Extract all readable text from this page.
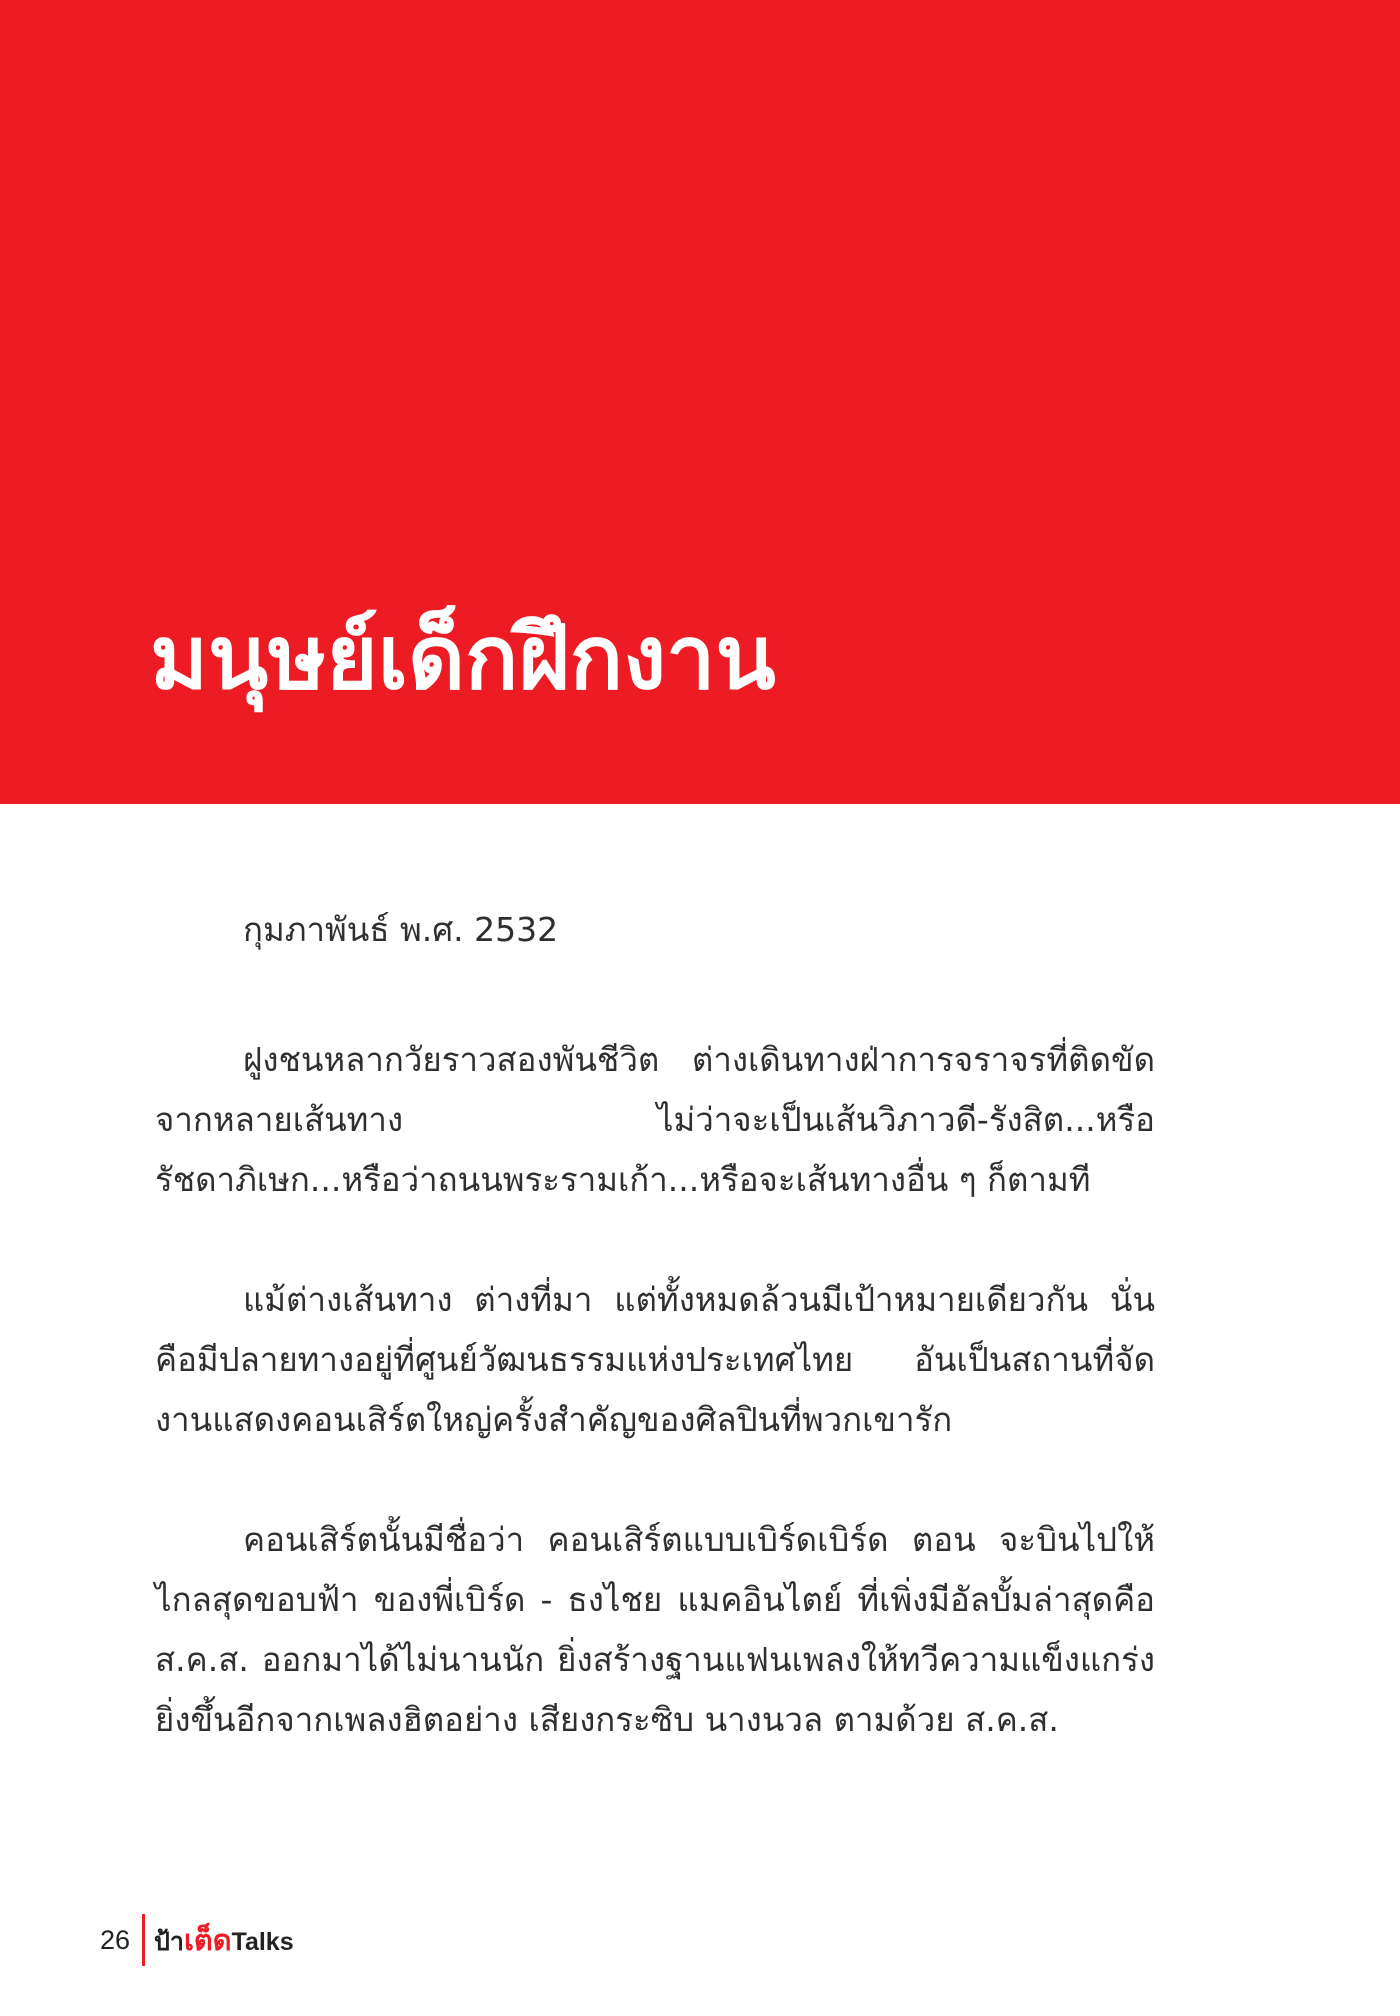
มนุษย์เด็กฝึกงาน

กุมภาพันธ์ พ.ศ. 2532

ฝูงชนหลากวัยราวสองพันชีวิต ต่างเดินทางฝ่าการจราจรที่ติดขัดจากหลายเส้นทาง ไม่ว่าจะเป็นเส้นวิภาวดี-รังสิต...หรือรัชดาภิเษก...หรือว่าถนนพระรามเก้า...หรือจะเส้นทางอื่น ๆ ก็ตามที

แม้ต่างเส้นทาง ต่างที่มา แต่ทั้งหมดล้วนมีเป้าหมายเดียวกัน นั่นคือมีปลายทางอยู่ที่ศูนย์วัฒนธรรมแห่งประเทศไทย อันเป็นสถานที่จัดงานแสดงคอนเสิร์ตใหญ่ครั้งสำคัญของศิลปินที่พวกเขารัก

คอนเสิร์ตนั้นมีชื่อว่า คอนเสิร์ตแบบเบิร์ดเบิร์ด ตอน จะบินไปให้ไกลสุดขอบฟ้า ของพี่เบิร์ด - ธงไชย แมคอินไตย์ ที่เพิ่งมีอัลบั้มล่าสุดคือ ส.ค.ส. ออกมาได้ไม่นานนัก ยิ่งสร้างฐานแฟนเพลงให้ทวีความแข็งแกร่งยิ่งขึ้นอีกจากเพลงฮิตอย่าง เสียงกระซิบ นางนวล ตามด้วย ส.ค.ส.

26 ป้า เต็ด Talks
